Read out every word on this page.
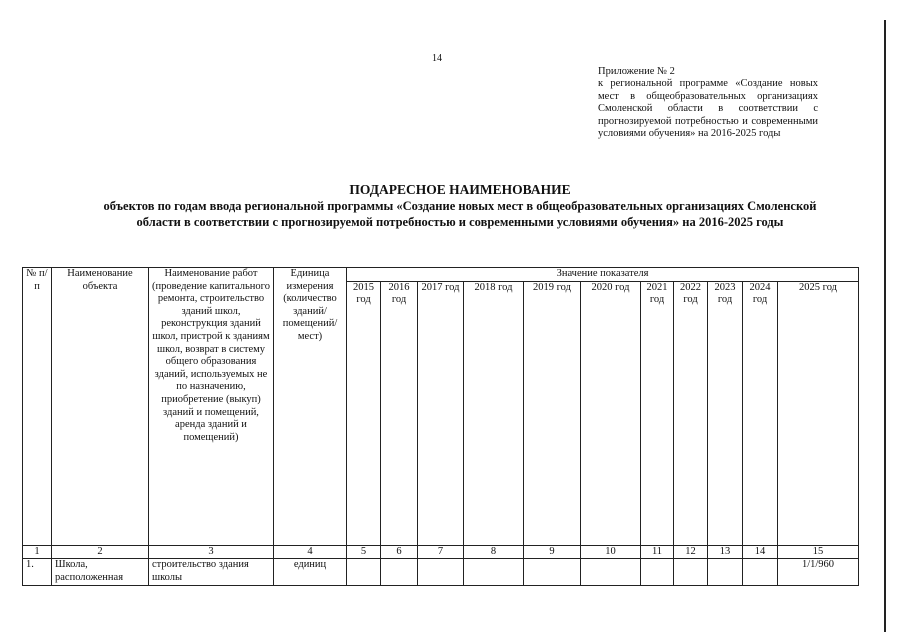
14
Приложение № 2
к региональной программе «Создание новых мест в общеобразовательных организациях Смоленской области в соответствии с прогнозируемой потребностью и современными условиями обучения» на 2016-2025 годы
ПОДАРЕСНОЕ НАИМЕНОВАНИЕ
объектов по годам ввода региональной программы «Создание новых мест в общеобразовательных организациях Смоленской области в соответствии с прогнозируемой потребностью и современными условиями обучения» на 2016-2025 годы
№ п/п	Наименование объекта	Наименование работ (проведение капитального ремонта, строительство зданий школ, реконструкция зданий школ, пристрой к зданиям школ, возврат в систему общего образования зданий, используемых не по назначению, приобретение (выкуп) зданий и помещений, аренда зданий и помещений)	Единица измерения (количество зданий/ помещений/ мест)	Значение показателя										
				2015 год	2016 год	2017 год	2018 год	2019 год	2020 год	2021 год	2022 год	2023 год	2024 год	2025 год
1	2	3	4	5	6	7	8	9	10	11	12	13	14	15
1.	Школа, расположенная	строительство здания школы	единиц											1/1/960
